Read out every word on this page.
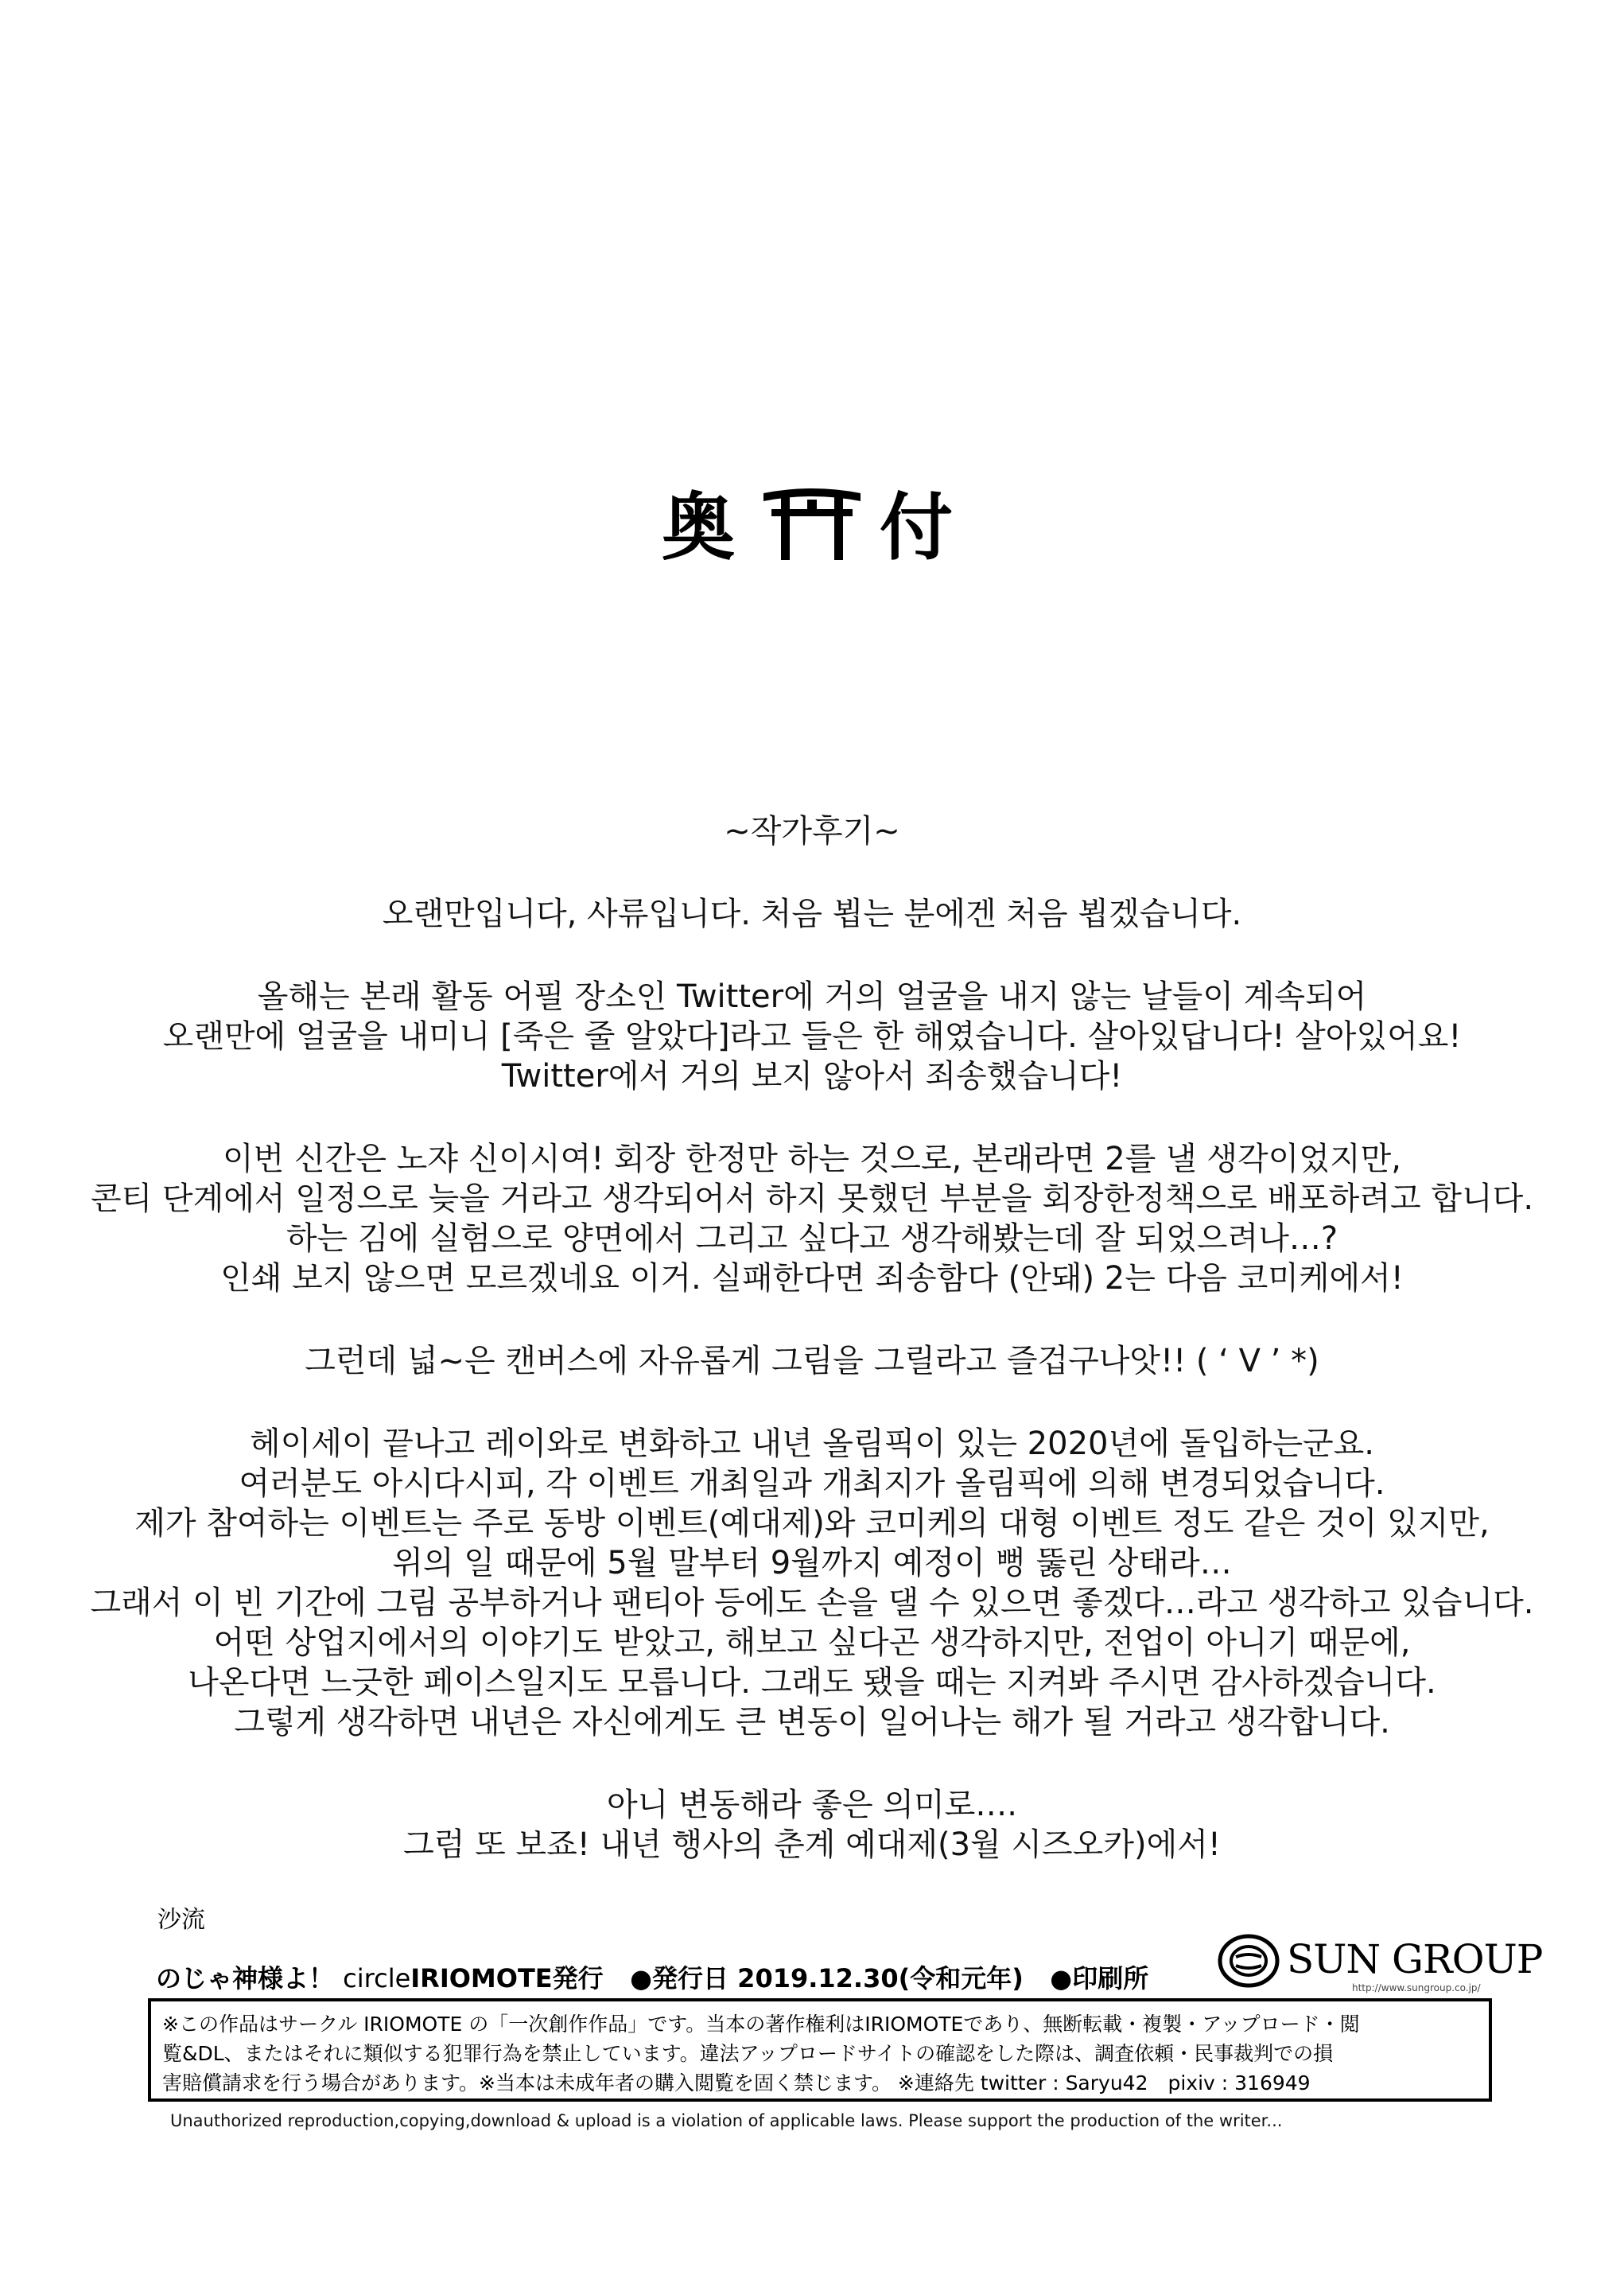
奥 付
~작가후기~
오랜만입니다, 사류입니다. 처음 뵙는 분에겐 처음 뵙겠습니다.
올해는 본래 활동 어필 장소인 Twitter에 거의 얼굴을 내지 않는 날들이 계속되어
오랜만에 얼굴을 내미니 [죽은 줄 알았다]라고 들은 한 해였습니다. 살아있답니다! 살아있어요!
Twitter에서 거의 보지 않아서 죄송했습니다!
이번 신간은 노쟈 신이시여! 회장 한정만 하는 것으로, 본래라면 2를 낼 생각이었지만,
콘티 단계에서 일정으로 늦을 거라고 생각되어서 하지 못했던 부분을 회장한정책으로 배포하려고 합니다.
하는 김에 실험으로 양면에서 그리고 싶다고 생각해봤는데 잘 되었으려나…?
인쇄 보지 않으면 모르겠네요 이거. 실패한다면 죄송함다 (안돼) 2는 다음 코미케에서!
그런데 넓~은 캔버스에 자유롭게 그림을 그릴라고 즐겁구나앗!! ( ‘ V ’ *)
헤이세이 끝나고 레이와로 변화하고 내년 올림픽이 있는 2020년에 돌입하는군요.
여러분도 아시다시피, 각 이벤트 개최일과 개최지가 올림픽에 의해 변경되었습니다.
제가 참여하는 이벤트는 주로 동방 이벤트(예대제)와 코미케의 대형 이벤트 정도 같은 것이 있지만,
위의 일 때문에 5월 말부터 9월까지 예정이 뻥 뚫린 상태라…
그래서 이 빈 기간에 그림 공부하거나 팬티아 등에도 손을 댈 수 있으면 좋겠다…라고 생각하고 있습니다.
어떤 상업지에서의 이야기도 받았고, 해보고 싶다곤 생각하지만, 전업이 아니기 때문에,
나온다면 느긋한 페이스일지도 모릅니다. 그래도 됐을 때는 지켜봐 주시면 감사하겠습니다.
그렇게 생각하면 내년은 자신에게도 큰 변동이 일어나는 해가 될 거라고 생각합니다.
아니 변동해라 좋은 의미로….
그럼 또 보죠! 내년 행사의 춘계 예대제(3월 시즈오카)에서!
沙流
のじゃ神様よ！ circleIRIOMOTE発行 ●発行日 2019.12.30(令和元年) ●印刷所	SUN GROUP
http://www.sungroup.co.jp/
※この作品はサークル IRIOMOTE の「一次創作作品」です。当本の著作権利はIRIOMOTEであり、無断転載・複製・アップロード・閲
覧&DL、またはそれに類似する犯罪行為を禁止しています。違法アップロードサイトの確認をした際は、調査依頼・民事裁判での損
害賠償請求を行う場合があります。※当本は未成年者の購入閲覧を固く禁じます。 ※連絡先 twitter : Saryu42　pixiv : 316949
Unauthorized reproduction,copying,download & upload is a violation of applicable laws. Please support the production of the writer...
